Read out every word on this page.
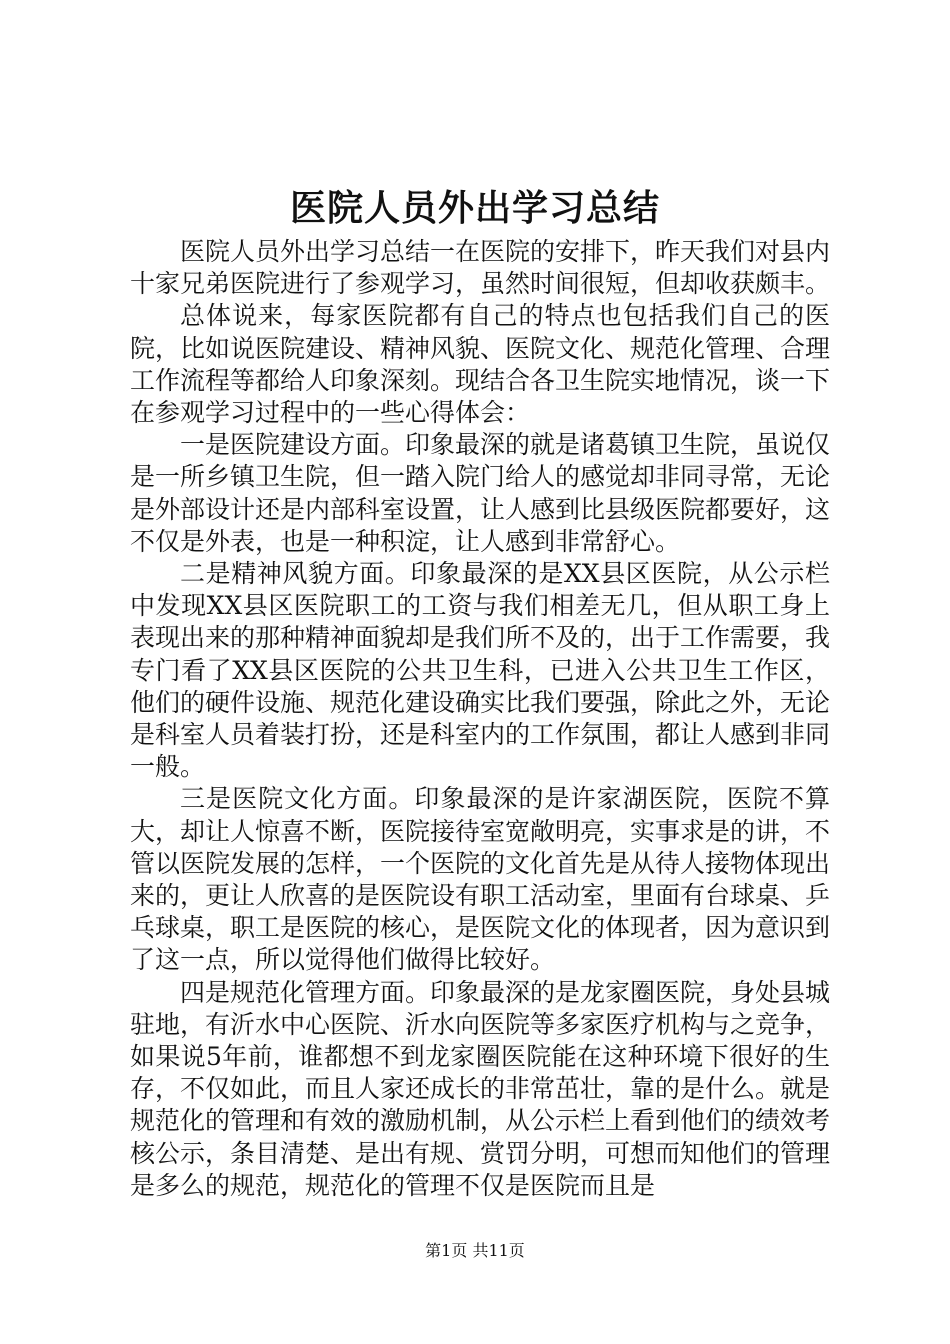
医院人员外出学习总结

医院人员外出学习总结一在医院的安排下，昨天我们对县内十家兄弟医院进行了参观学习，虽然时间很短，但却收获颇丰。

总体说来，每家医院都有自己的特点也包括我们自己的医院，比如说医院建设、精神风貌、医院文化、规范化管理、合理工作流程等都给人印象深刻。现结合各卫生院实地情况，谈一下在参观学习过程中的一些心得体会：

一是医院建设方面。印象最深的就是诸葛镇卫生院，虽说仅是一所乡镇卫生院，但一踏入院门给人的感觉却非同寻常，无论是外部设计还是内部科室设置，让人感到比县级医院都要好，这不仅是外表，也是一种积淀，让人感到非常舒心。

二是精神风貌方面。印象最深的是XX县区医院，从公示栏中发现XX县区医院职工的工资与我们相差无几，但从职工身上表现出来的那种精神面貌却是我们所不及的，出于工作需要，我专门看了XX县区医院的公共卫生科，已进入公共卫生工作区，他们的硬件设施、规范化建设确实比我们要强，除此之外，无论是科室人员着装打扮，还是科室内的工作氛围，都让人感到非同一般。

三是医院文化方面。印象最深的是许家湖医院，医院不算大，却让人惊喜不断，医院接待室宽敞明亮，实事求是的讲，不管以医院发展的怎样，一个医院的文化首先是从待人接物体现出来的，更让人欣喜的是医院设有职工活动室，里面有台球桌、乒乓球桌，职工是医院的核心，是医院文化的体现者，因为意识到了这一点，所以觉得他们做得比较好。

四是规范化管理方面。印象最深的是龙家圈医院，身处县城驻地，有沂水中心医院、沂水向医院等多家医疗机构与之竞争，如果说5年前，谁都想不到龙家圈医院能在这种环境下很好的生存，不仅如此，而且人家还成长的非常茁壮，靠的是什么。就是规范化的管理和有效的激励机制，从公示栏上看到他们的绩效考核公示，条目清楚、是出有规、赏罚分明，可想而知他们的管理是多么的规范，规范化的管理不仅是医院而且是

第1页 共11页
